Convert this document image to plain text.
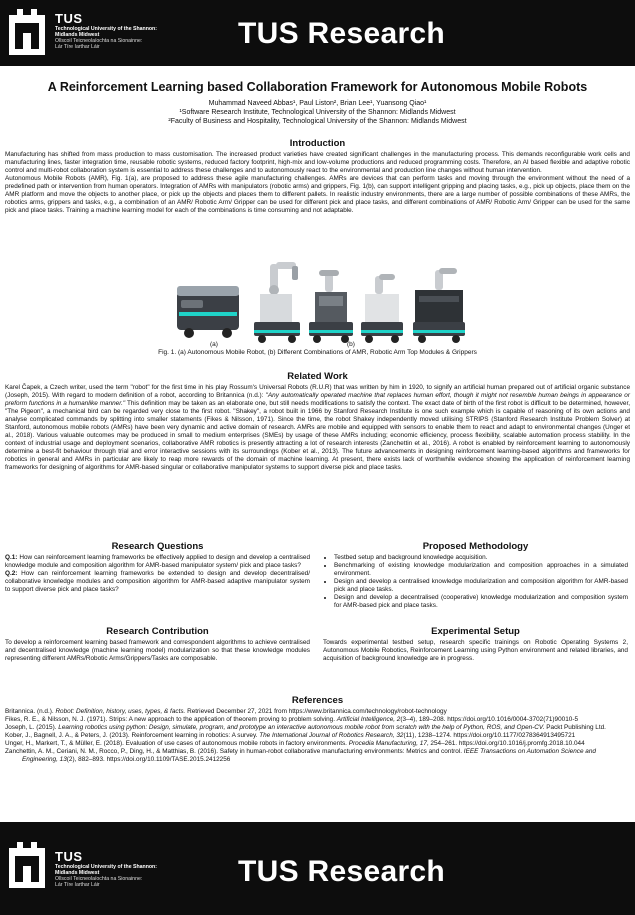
TUS
Technological University of the Shannon:
Midlands Midwest
Ollscoil Teicneolaíochta na Sionainne:
Lár Tíre Iarthar Láir	TUS Research
A Reinforcement Learning based Collaboration Framework for Autonomous Mobile Robots
Muhammad Naveed Abbas¹, Paul Liston², Brian Lee¹, Yuansong Qiao¹
¹Software Research Institute, Technological University of the Shannon: Midlands Midwest
²Faculty of Business and Hospitality, Technological University of the Shannon: Midlands Midwest
Introduction

Manufacturing has shifted from mass production to mass customisation. The increased product varieties have created significant challenges in the manufacturing process. This demands reconfigurable work cells and manufacturing lines, faster integration time, reusable robotic systems, reduced factory footprint, high-mix and low-volume productions and reduced programming costs. Therefore, an AI based flexible and adaptive robotic control and multi-robot collaboration system is essential to address these challenges and to autonomously react to the environmental and production line changes without human intervention.

Autonomous Mobile Robots (AMR), Fig. 1(a), are proposed to address these agile manufacturing challenges. AMRs are devices that can perform tasks and moving through the environment without the need of a predefined path or intervention from human operators. Integration of AMRs with manipulators (robotic arms) and grippers, Fig. 1(b), can support intelligent gripping and placing tasks, e.g., pick up objects, place them on the AMR platform and move the objects to another place, or pick up the objects and places them to different pallets. In realistic industry environments, there are a large number of possible combinations of these AMRs, the robotics arms, grippers and tasks, e.g., a combination of an AMR/ Robotic Arm/ Gripper can be used for different pick and place tasks, and different combinations of AMR/ Robotic Arm/ Gripper can be used for the same pick and place tasks. Training a machine learning model for each of the combinations is time consuming and not adaptable.

(a)	(b)
Fig. 1. (a) Autonomous Mobile Robot, (b) Different Combinations of AMR, Robotic Arm Top Modules & Grippers
Related Work

Karel Čapek, a Czech writer, used the term "robot" for the first time in his play Rossum's Universal Robots (R.U.R) that was written by him in 1920, to signify an artificial human prepared out of artificial organic substance (Joseph, 2015). With regard to modern definition of a robot, according to Britannica (n.d.): "Any automatically operated machine that replaces human effort, though it might not resemble human beings in appearance or preform functions in a humanlike manner." This definition may be taken as an elaborate one, but still needs modifications to satisfy the context. The exact date of birth of the first robot is difficult to be determined, however, "The Pigeon", a mechanical bird can be regarded very close to the first robot. "Shakey", a robot built in 1966 by Stanford Research Institute is one such example which is capable of reasoning of its own actions and analyse complicated commands by splitting into smaller statements (Fikes & Nilsson, 1971). Since the time, the robot Shakey independently moved utilising STRIPS (Stanford Research Institute Problem Solver) at Stanford, autonomous mobile robots (AMRs) have been very dynamic and active domain of research. AMRs are mobile and equipped with sensors to enable them to react and adapt to environmental changes (Unger et al., 2018). Various valuable outcomes may be produced in small to medium enterprises (SMEs) by usage of these AMRs including; economic efficiency, process flexibility, scalable automation process stability. In the context of industrial usage and deployment scenarios, collaborative AMR robotics is presently attracting a lot of research interests (Zanchettin et al., 2016). A robot is enabled by reinforcement learning to autonomously determine a best-fit behaviour through trial and error interactive sessions with its surroundings (Kober et al., 2013). The future advancements in designing reinforcement learning-based algorithms and frameworks for robotics in general and AMRs in particular are likely to reap more rewards of the domain of machine learning. At present, there exists lack of worthwhile evidence showing the application of reinforcement learning frameworks for designing of algorithms for AMR-based singular or collaborative manipulator systems to support diverse pick and place tasks.

Research Questions

Q.1: How can reinforcement learning frameworks be effectively applied to design and develop a centralised knowledge module and composition algorithm for AMR-based manipulator system/ pick and place tasks?

Q.2: How can reinforcement learning frameworks be extended to design and develop decentralised/ collaborative knowledge modules and composition algorithm for AMR-based adaptive manipulator system to support diverse pick and place tasks?

Research Contribution

To develop a reinforcement learning based framework and correspondent algorithms to achieve centralised and decentralised knowledge (machine learning model) modularization so that these knowledge modules representing different AMRs/Robotic Arms/Grippers/Tasks are composable.

Proposed Methodology
• Testbed setup and background knowledge acquisition.
• Benchmarking of existing knowledge modularization and composition approaches in a simulated environment.
• Design and develop a centralised knowledge modularization and composition algorithm for AMR-based pick and place tasks.
• Design and develop a decentralised (cooperative) knowledge modularization and composition system for AMR-based pick and place tasks.
Experimental Setup

Towards experimental testbed setup, research specific trainings on Robotic Operating Systems 2, Autonomous Mobile Robotics, Reinforcement Learning using Python environment and related libraries, and acquisition of background knowledge are in progress.

References

Britannica. (n.d.). Robot: Definition, history, uses, types, & facts. Retrieved December 27, 2021 from https://www.britannica.com/technology/robot-technology

Fikes, R. E., & Nilsson, N. J. (1971). Strips: A new approach to the application of theorem proving to problem solving. Artificial Intelligence, 2(3–4), 189–208. https://doi.org/10.1016/0004-3702(71)90010-5

Joseph, L. (2015). Learning robotics using python: Design, simulate, program, and prototype an interactive autonomous mobile robot from scratch with the help of Python, ROS, and Open-CV. Packt Publishing Ltd.

Kober, J., Bagnell, J. A., & Peters, J. (2013). Reinforcement learning in robotics: A survey. The International Journal of Robotics Research, 32(11), 1238–1274. https://doi.org/10.1177/0278364913495721

Unger, H., Markert, T., & Müller, E. (2018). Evaluation of use cases of autonomous mobile robots in factory environments. Procedia Manufacturing, 17, 254–261. https://doi.org/10.1016/j.promfg.2018.10.044

Zanchettin, A. M., Ceriani, N. M., Rocco, P., Ding, H., & Matthias, B. (2016). Safety in human-robot collaborative manufacturing environments: Metrics and control. IEEE Transactions on Automation Science and Engineering, 13(2), 882–893. https://doi.org/10.1109/TASE.2015.2412256

TUS
Technological University of the Shannon:
Midlands Midwest
Ollscoil Teicneolaíochta na Sionainne:
Lár Tíre Iarthar Láir	TUS Research
